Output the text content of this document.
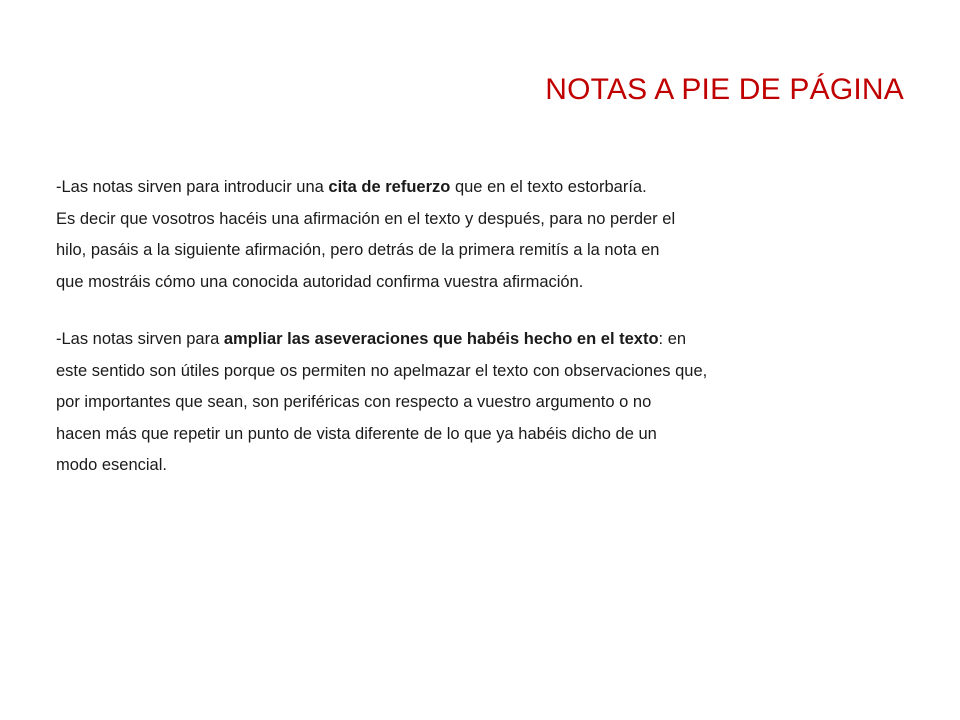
NOTAS A PIE DE PÁGINA
-Las notas sirven para introducir una cita de refuerzo que en el texto estorbaría.
Es decir que vosotros hacéis una afirmación en el texto y después, para no perder el
hilo, pasáis a la siguiente afirmación, pero detrás de la primera remitís a la nota en
que mostráis cómo una conocida autoridad confirma vuestra afirmación.
-Las notas sirven para ampliar las aseveraciones que habéis hecho en el texto: en
este sentido son útiles porque os permiten no apelmazar el texto con observaciones que,
por importantes que sean, son periféricas con respecto a vuestro argumento o no
hacen más que repetir un punto de vista diferente de lo que ya habéis dicho de un
modo esencial.
